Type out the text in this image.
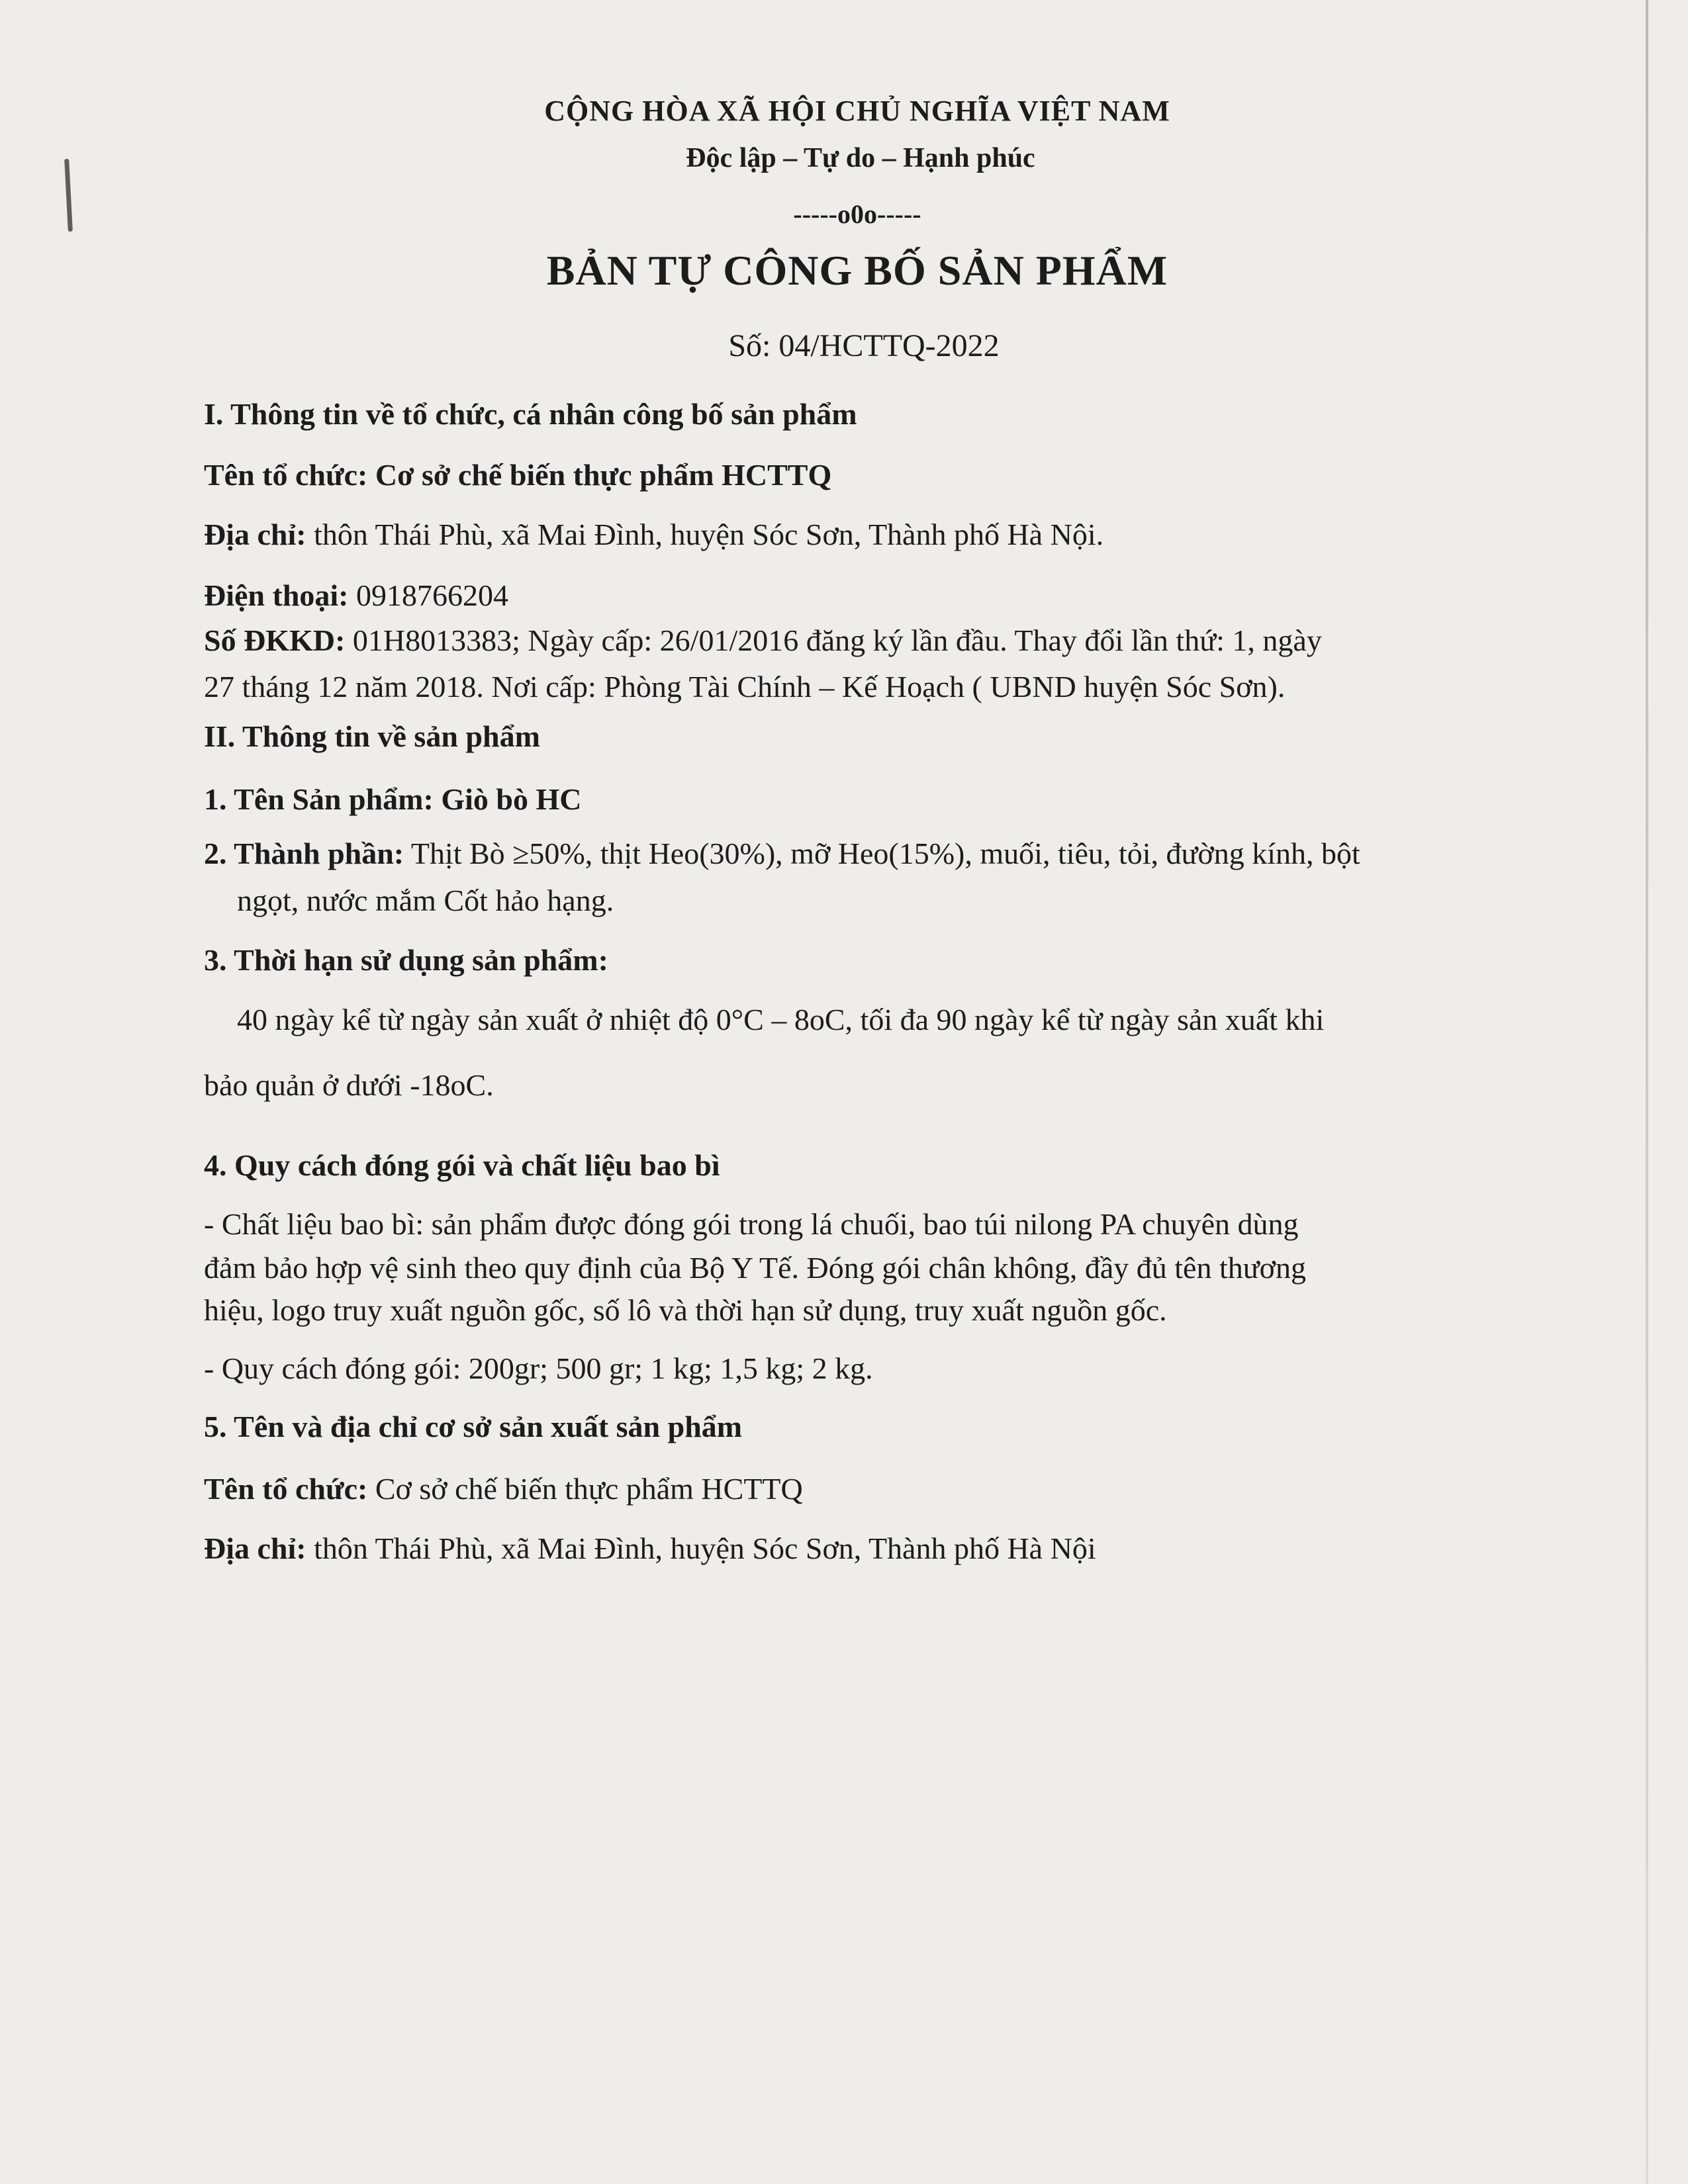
CỘNG HÒA XÃ HỘI CHỦ NGHĨA VIỆT NAM
Độc lập – Tự do – Hạnh phúc
-----o0o-----
BẢN TỰ CÔNG BỐ SẢN PHẨM
Số: 04/HCTTQ-2022
I. Thông tin về tổ chức, cá nhân công bố sản phẩm
Tên tổ chức: Cơ sở chế biến thực phẩm HCTTQ
Địa chỉ: thôn Thái Phù, xã Mai Đình, huyện Sóc Sơn, Thành phố Hà Nội.
Điện thoại: 0918766204
Số ĐKKD: 01H8013383; Ngày cấp: 26/01/2016 đăng ký lần đầu. Thay đổi lần thứ: 1, ngày
27 tháng 12 năm 2018. Nơi cấp: Phòng Tài Chính – Kế Hoạch ( UBND huyện Sóc Sơn).
II. Thông tin về sản phẩm
1. Tên Sản phẩm: Giò bò HC
2. Thành phần: Thịt Bò ≥50%, thịt Heo(30%), mỡ Heo(15%), muối, tiêu, tỏi, đường kính, bột
ngọt, nước mắm Cốt hảo hạng.
3. Thời hạn sử dụng sản phẩm:
40 ngày kể từ ngày sản xuất ở nhiệt độ 0°C – 8oC, tối đa 90 ngày kể từ ngày sản xuất khi
bảo quản ở dưới -18oC.
4. Quy cách đóng gói và chất liệu bao bì
- Chất liệu bao bì: sản phẩm được đóng gói trong lá chuối, bao túi nilong PA chuyên dùng
đảm bảo hợp vệ sinh theo quy định của Bộ Y Tế. Đóng gói chân không, đầy đủ tên thương
hiệu, logo truy xuất nguồn gốc, số lô và thời hạn sử dụng, truy xuất nguồn gốc.
- Quy cách đóng gói: 200gr; 500 gr; 1 kg; 1,5 kg; 2 kg.
5. Tên và địa chỉ cơ sở sản xuất sản phẩm
Tên tổ chức: Cơ sở chế biến thực phẩm HCTTQ
Địa chỉ: thôn Thái Phù, xã Mai Đình, huyện Sóc Sơn, Thành phố Hà Nội
